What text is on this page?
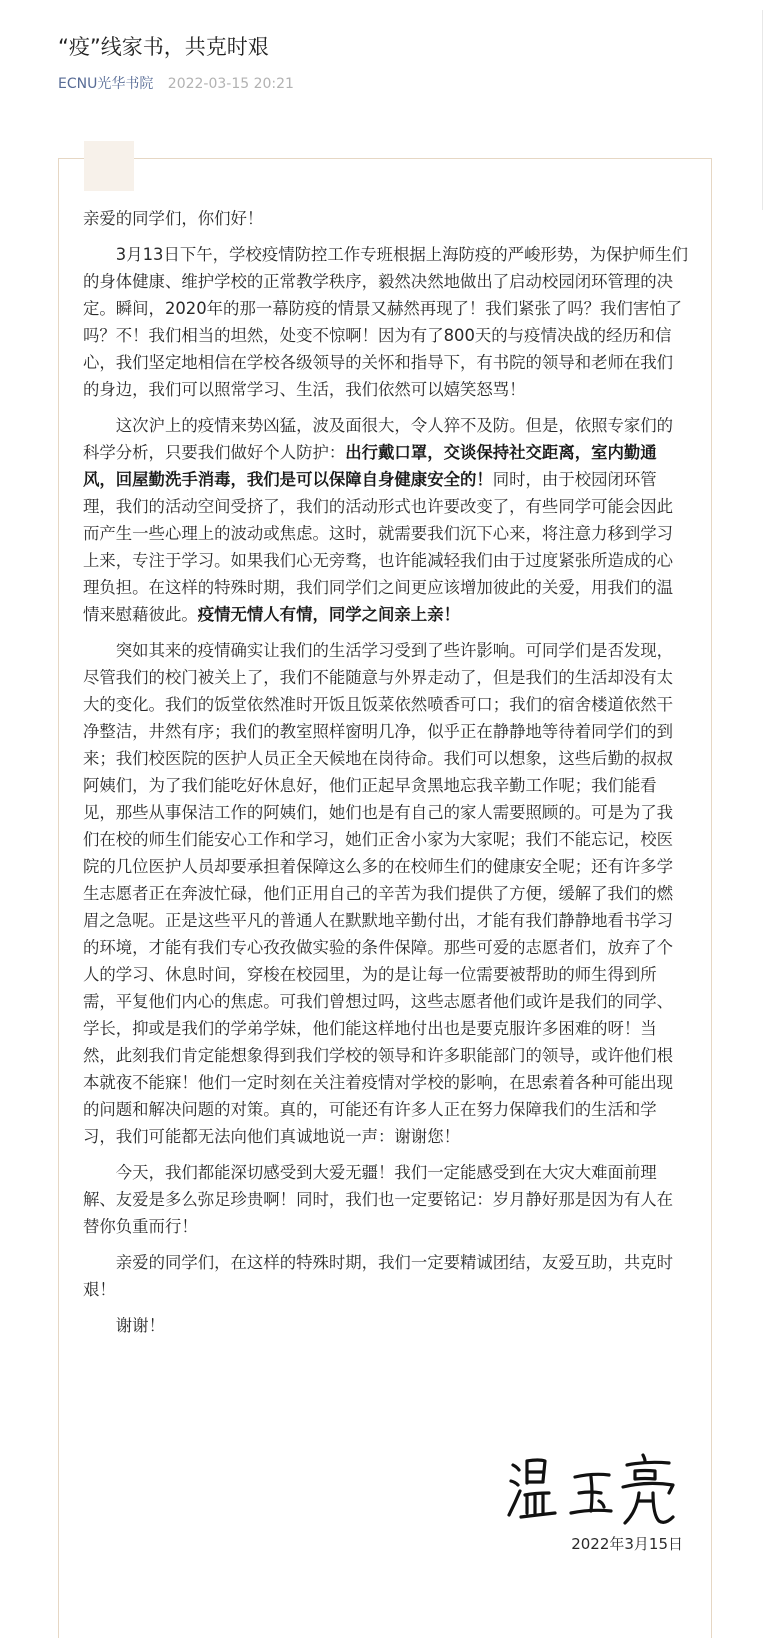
“疫”线家书，共克时艰
ECNU光华书院 2022-03-15 20:21

亲爱的同学们，你们好！

3月13日下午，学校疫情防控工作专班根据上海防疫的严峻形势，为保护师生们的身体健康、维护学校的正常教学秩序，毅然决然地做出了启动校园闭环管理的决定。瞬间，2020年的那一幕防疫的情景又赫然再现了！我们紧张了吗？我们害怕了吗？不！我们相当的坦然，处变不惊啊！因为有了800天的与疫情决战的经历和信心，我们坚定地相信在学校各级领导的关怀和指导下，有书院的领导和老师在我们的身边，我们可以照常学习、生活，我们依然可以嬉笑怒骂！

这次沪上的疫情来势凶猛，波及面很大，令人猝不及防。但是，依照专家们的科学分析，只要我们做好个人防护：出行戴口罩，交谈保持社交距离，室内勤通风，回屋勤洗手消毒，我们是可以保障自身健康安全的！同时，由于校园闭环管理，我们的活动空间受挤了，我们的活动形式也许要改变了，有些同学可能会因此而产生一些心理上的波动或焦虑。这时，就需要我们沉下心来，将注意力移到学习上来，专注于学习。如果我们心无旁骛，也许能减轻我们由于过度紧张所造成的心理负担。在这样的特殊时期，我们同学们之间更应该增加彼此的关爱，用我们的温情来慰藉彼此。疫情无情人有情，同学之间亲上亲！

突如其来的疫情确实让我们的生活学习受到了些许影响。可同学们是否发现，尽管我们的校门被关上了，我们不能随意与外界走动了，但是我们的生活却没有太大的变化。我们的饭堂依然准时开饭且饭菜依然喷香可口；我们的宿舍楼道依然干净整洁，井然有序；我们的教室照样窗明几净，似乎正在静静地等待着同学们的到来；我们校医院的医护人员正全天候地在岗待命。我们可以想象，这些后勤的叔叔阿姨们，为了我们能吃好休息好，他们正起早贪黑地忘我辛勤工作呢；我们能看见，那些从事保洁工作的阿姨们，她们也是有自己的家人需要照顾的。可是为了我们在校的师生们能安心工作和学习，她们正舍小家为大家呢；我们不能忘记，校医院的几位医护人员却要承担着保障这么多的在校师生们的健康安全呢；还有许多学生志愿者正在奔波忙碌，他们正用自己的辛苦为我们提供了方便，缓解了我们的燃眉之急呢。正是这些平凡的普通人在默默地辛勤付出，才能有我们静静地看书学习的环境，才能有我们专心孜孜做实验的条件保障。那些可爱的志愿者们，放弃了个人的学习、休息时间，穿梭在校园里，为的是让每一位需要被帮助的师生得到所需，平复他们内心的焦虑。可我们曾想过吗，这些志愿者他们或许是我们的同学、学长，抑或是我们的学弟学妹，他们能这样地付出也是要克服许多困难的呀！当然，此刻我们肯定能想象得到我们学校的领导和许多职能部门的领导，或许他们根本就夜不能寐！他们一定时刻在关注着疫情对学校的影响，在思索着各种可能出现的问题和解决问题的对策。真的，可能还有许多人正在努力保障我们的生活和学习，我们可能都无法向他们真诚地说一声：谢谢您！

今天，我们都能深切感受到大爱无疆！我们一定能感受到在大灾大难面前理解、友爱是多么弥足珍贵啊！同时，我们也一定要铭记：岁月静好那是因为有人在替你负重而行！

亲爱的同学们，在这样的特殊时期，我们一定要精诚团结，友爱互助，共克时艰！

谢谢！

2022年3月15日
